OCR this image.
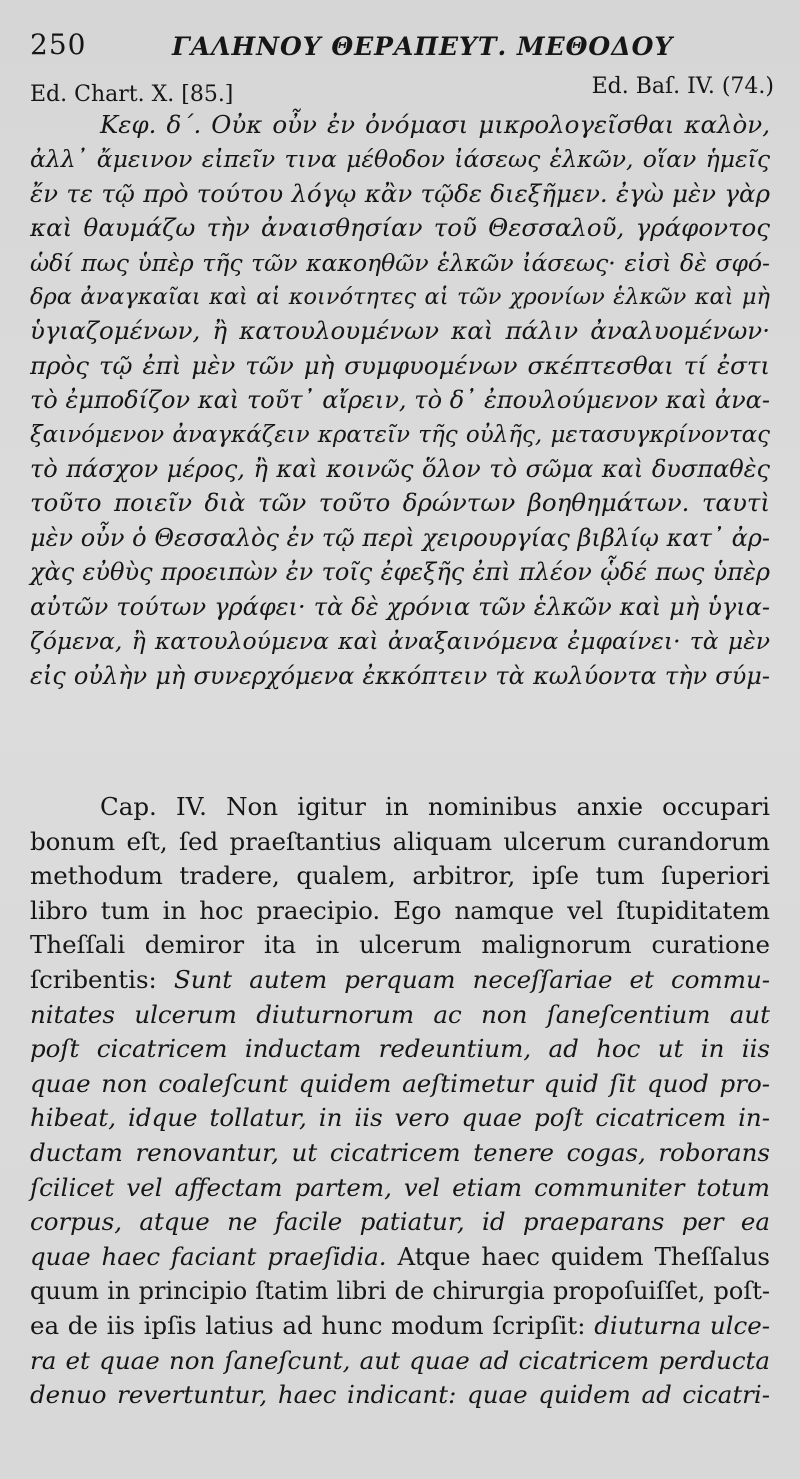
250	ΓΑΛΗΝΟΥ ΘΕΡΑΠΕΥΤ. ΜΕΘΟΔΟΥ
Ed. Chart. X. [85.]	Ed. Baſ. IV. (74.)
Κεφ. δ΄. Οὐκ οὖν ἐν ὀνόμασι μικρολογεῖσθαι καλὸν,
ἀλλ᾽ ἄμεινον εἰπεῖν τινα μέθοδον ἰάσεως ἑλκῶν, οἵαν ἡμεῖς
ἔν τε τῷ πρὸ τούτου λόγῳ κἂν τῷδε διεξῆμεν. ἐγὼ μὲν γὰρ
καὶ θαυμάζω τὴν ἀναισθησίαν τοῦ Θεσσαλοῦ, γράφοντος
ὡδί πως ὑπὲρ τῆς τῶν κακοηθῶν ἑλκῶν ἰάσεως· εἰσὶ δὲ σφό-
δρα ἀναγκαῖαι καὶ αἱ κοινότητες αἱ τῶν χρονίων ἑλκῶν καὶ μὴ
ὑγιαζομένων, ἢ κατουλουμένων καὶ πάλιν ἀναλυομένων·
πρὸς τῷ ἐπὶ μὲν τῶν μὴ συμφυομένων σκέπτεσθαι τί ἐστι
τὸ ἐμποδίζον καὶ τοῦτ᾽ αἴρειν, τὸ δ᾽ ἐπουλούμενον καὶ ἀνα-
ξαινόμενον ἀναγκάζειν κρατεῖν τῆς οὐλῆς, μετασυγκρίνοντας
τὸ πάσχον μέρος, ἢ καὶ κοινῶς ὅλον τὸ σῶμα καὶ δυσπαθὲς
τοῦτο ποιεῖν διὰ τῶν τοῦτο δρώντων βοηθημάτων. ταυτὶ
μὲν οὖν ὁ Θεσσαλὸς ἐν τῷ περὶ χειρουργίας βιβλίῳ κατ᾽ ἀρ-
χὰς εὐθὺς προειπὼν ἐν τοῖς ἐφεξῆς ἐπὶ πλέον ᾧδέ πως ὑπὲρ
αὐτῶν τούτων γράφει· τὰ δὲ χρόνια τῶν ἑλκῶν καὶ μὴ ὑγια-
ζόμενα, ἢ κατουλούμενα καὶ ἀναξαινόμενα ἐμφαίνει· τὰ μὲν
εἰς οὐλὴν μὴ συνερχόμενα ἐκκόπτειν τὰ κωλύοντα τὴν σύμ-
Cap. IV. Non igitur in nominibus anxie occupari
bonum eſt, ſed praeſtantius aliquam ulcerum curandorum
methodum tradere, qualem, arbitror, ipſe tum ſuperiori
libro tum in hoc praecipio. Ego namque vel ſtupiditatem
Theſſali demiror ita in ulcerum malignorum curatione
ſcribentis: Sunt autem perquam neceſſariae et commu-
nitates ulcerum diuturnorum ac non ſaneſcentium aut
poſt cicatricem inductam redeuntium, ad hoc ut in iis
quae non coaleſcunt quidem aeſtimetur quid ſit quod pro-
hibeat, idque tollatur, in iis vero quae poſt cicatricem in-
ductam renovantur, ut cicatricem tenere cogas, roborans
ſcilicet vel affectam partem, vel etiam communiter totum
corpus, atque ne facile patiatur, id praeparans per ea
quae haec faciant praeſidia. Atque haec quidem Theſſalus
quum in principio ſtatim libri de chirurgia propoſuiſſet, poſt-
ea de iis ipſis latius ad hunc modum ſcripſit: diuturna ulce-
ra et quae non ſaneſcunt, aut quae ad cicatricem perducta
denuo revertuntur, haec indicant: quae quidem ad cicatri-
